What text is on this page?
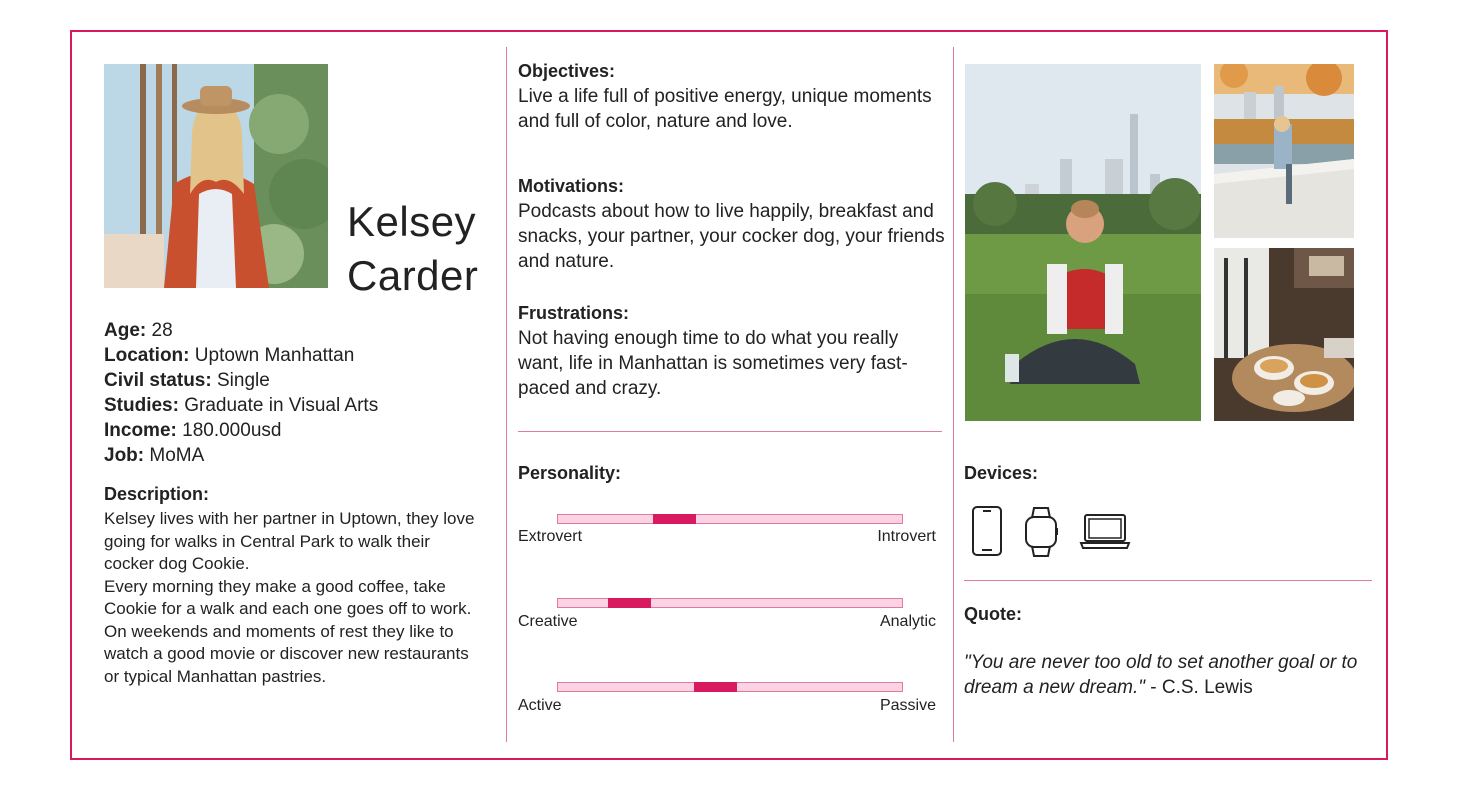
Kelsey
Carder
Age: 28
Location: Uptown Manhattan
Civil status: Single
Studies: Graduate in Visual Arts
Income: 180.000usd
Job: MoMA
Description:

Kelsey lives with her partner in Uptown, they love going for walks in Central Park to walk their cocker dog Cookie.

Every morning they make a good coffee, take Cookie for a walk and each one goes off to work.

On weekends and moments of rest they like to watch a good movie or discover new restaurants or typical Manhattan pastries.

Objectives:
Live a life full of positive energy, unique moments and full of color, nature and love.
Motivations:
Podcasts about how to live happily, breakfast and snacks, your partner, your cocker dog, your friends and nature.
Frustrations:
Not having enough time to do what you really want, life in Manhattan is sometimes very fast-paced and crazy.
Personality:
Extrovert	Introvert
Creative	Analytic
Active	Passive
Devices:
Quote:
"You are never too old to set another goal or to dream a new dream." - C.S. Lewis
